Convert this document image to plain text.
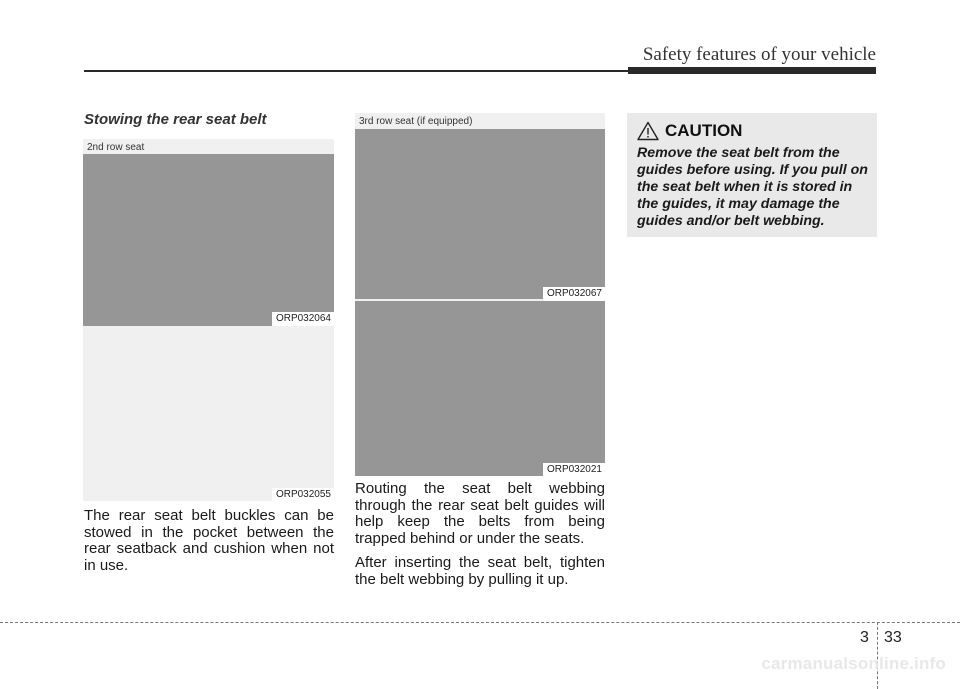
Safety features of your vehicle
Stowing the rear seat belt
2nd row seat
ORP032064
ORP032055

The rear seat belt buckles can be stowed in the pocket between the rear seatback and cushion when not in use.

3rd row seat (if equipped)
ORP032067
ORP032021

Routing the seat belt webbing through the rear seat belt guides will help keep the belts from being trapped behind or under the seats.

After inserting the seat belt, tighten the belt webbing by pulling it up.

CAUTION
Remove the seat belt from the guides before using. If you pull on the seat belt when it is stored in the guides, it may damage the guides and/or belt webbing.
3 33
carmanualsonline.info
